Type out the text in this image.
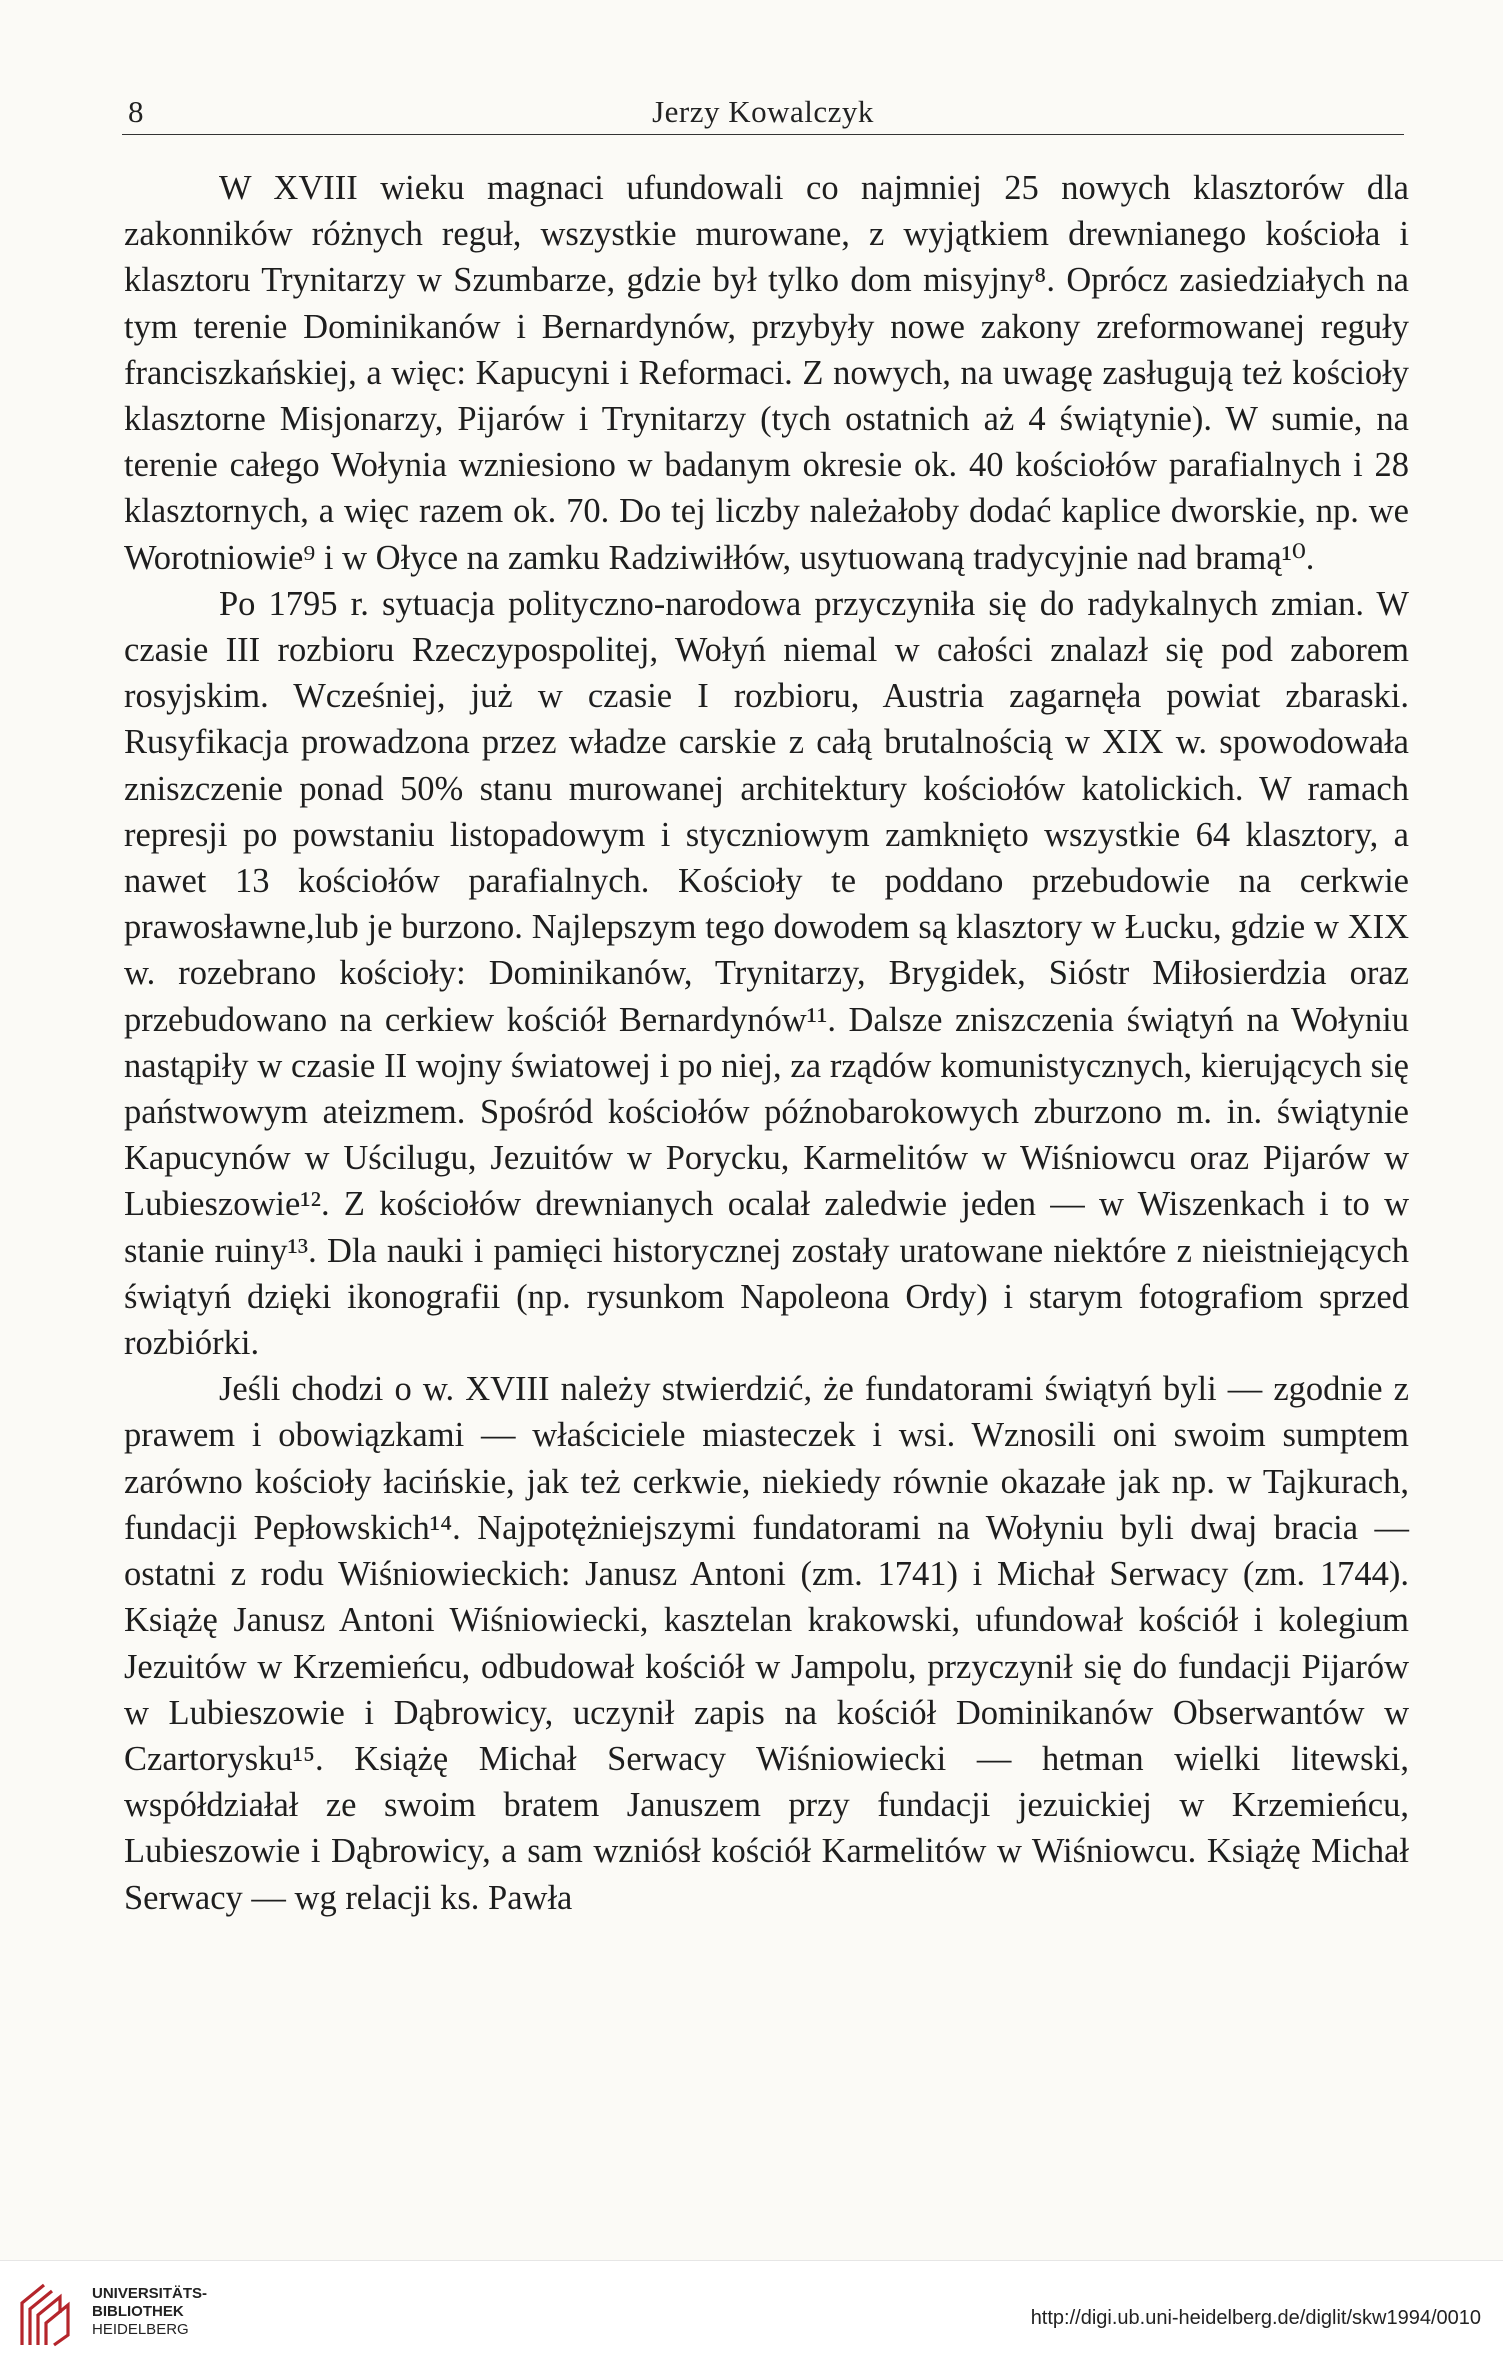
8	Jerzy Kowalczyk

W XVIII wieku magnaci ufundowali co najmniej 25 nowych klasztorów dla zakonników różnych reguł, wszystkie murowane, z wyjątkiem drewnianego kościoła i klasztoru Trynitarzy w Szumbarze, gdzie był tylko dom misyjny⁸. Oprócz zasiedziałych na tym terenie Dominikanów i Bernardynów, przybyły nowe zakony zreformowanej reguły franciszkańskiej, a więc: Kapucyni i Reformaci. Z nowych, na uwagę zasługują też kościoły klasztorne Misjonarzy, Pijarów i Trynitarzy (tych ostatnich aż 4 świątynie). W sumie, na terenie całego Wołynia wzniesiono w badanym okresie ok. 40 kościołów parafialnych i 28 klasztornych, a więc razem ok. 70. Do tej liczby należałoby dodać kaplice dworskie, np. we Worotniowie⁹ i w Ołyce na zamku Radziwiłłów, usytuowaną tradycyjnie nad bramą¹⁰.

Po 1795 r. sytuacja polityczno-narodowa przyczyniła się do radykalnych zmian. W czasie III rozbioru Rzeczypospolitej, Wołyń niemal w całości znalazł się pod zaborem rosyjskim. Wcześniej, już w czasie I rozbioru, Austria zagarnęła powiat zbaraski. Rusyfikacja prowadzona przez władze carskie z całą brutalnością w XIX w. spowodowała zniszczenie ponad 50% stanu murowanej architektury kościołów katolickich. W ramach represji po powstaniu listopadowym i styczniowym zamknięto wszystkie 64 klasztory, a nawet 13 kościołów parafialnych. Kościoły te poddano przebudowie na cerkwie prawosławne,lub je burzono. Najlepszym tego dowodem są klasztory w Łucku, gdzie w XIX w. rozebrano kościoły: Dominikanów, Trynitarzy, Brygidek, Sióstr Miłosierdzia oraz przebudowano na cerkiew kościół Bernardynów¹¹. Dalsze zniszczenia świątyń na Wołyniu nastąpiły w czasie II wojny światowej i po niej, za rządów komunistycznych, kierujących się państwowym ateizmem. Spośród kościołów późnobarokowych zburzono m. in. świątynie Kapucynów w Uścilugu, Jezuitów w Porycku, Karmelitów w Wiśniowcu oraz Pijarów w Lubieszowie¹². Z kościołów drewnianych ocalał zaledwie jeden — w Wiszenkach i to w stanie ruiny¹³. Dla nauki i pamięci historycznej zostały uratowane niektóre z nieistniejących świątyń dzięki ikonografii (np. rysunkom Napoleona Ordy) i starym fotografiom sprzed rozbiórki.

Jeśli chodzi o w. XVIII należy stwierdzić, że fundatorami świątyń byli — zgodnie z prawem i obowiązkami — właściciele miasteczek i wsi. Wznosili oni swoim sumptem zarówno kościoły łacińskie, jak też cerkwie, niekiedy równie okazałe jak np. w Tajkurach, fundacji Pepłowskich¹⁴. Najpotężniejszymi fundatorami na Wołyniu byli dwaj bracia — ostatni z rodu Wiśniowieckich: Janusz Antoni (zm. 1741) i Michał Serwacy (zm. 1744). Książę Janusz Antoni Wiśniowiecki, kasztelan krakowski, ufundował kościół i kolegium Jezuitów w Krzemieńcu, odbudował kościół w Jampolu, przyczynił się do fundacji Pijarów w Lubieszowie i Dąbrowicy, uczynił zapis na kościół Dominikanów Obserwantów w Czartorysku¹⁵. Książę Michał Serwacy Wiśniowiecki — hetman wielki litewski, współdziałał ze swoim bratem Januszem przy fundacji jezuickiej w Krzemieńcu, Lubieszowie i Dąbrowicy, a sam wzniósł kościół Karmelitów w Wiśniowcu. Książę Michał Serwacy — wg relacji ks. Pawła

UNIVERSITÄTS-
BIBLIOTHEK
HEIDELBERG
http://digi.ub.uni-heidelberg.de/diglit/skw1994/0010
